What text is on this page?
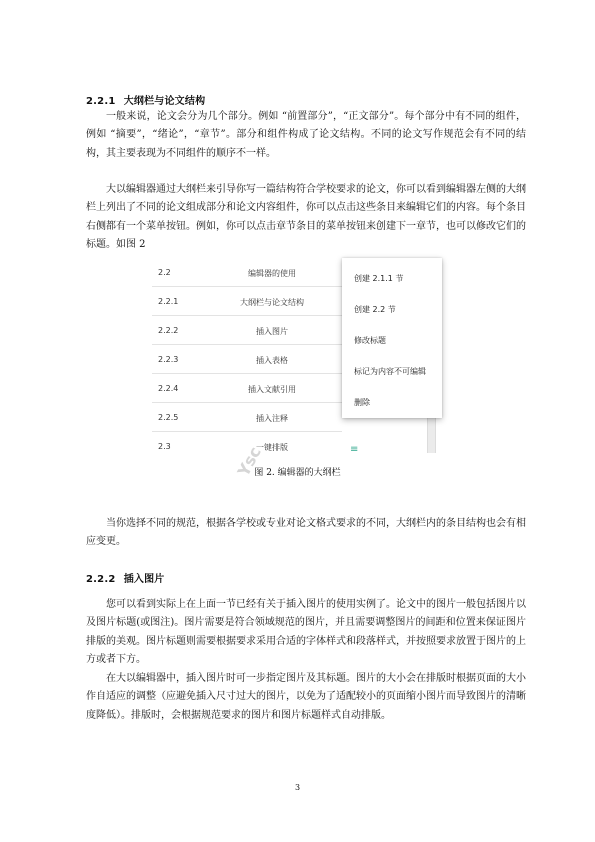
2.2.1 大纲栏与论文结构

一般来说，论文会分为几个部分。例如 “前置部分”，“正文部分”。每个部分中有不同的组件，例如 “摘要”，“绪论”，“章节”。部分和组件构成了论文结构。不同的论文写作规范会有不同的结构，其主要表现为不同组件的顺序不一样。

大以编辑器通过大纲栏来引导你写一篇结构符合学校要求的论文，你可以看到编辑器左侧的大纲栏上列出了不同的论文组成部分和论文内容组件，你可以点击这些条目来编辑它们的内容。每个条目右侧都有一个菜单按钮。例如，你可以点击章节条目的菜单按钮来创建下一章节，也可以修改它们的标题。如图 2

2.2	编辑器的使用
2.2.1	大纲栏与论文结构
2.2.2	插入图片
2.2.3	插入表格
2.2.4	插入文献引用
2.2.5	插入注释
2.3	一键排版	≡
创建 2.1.1 节
创建 2.2 节
修改标题
标记为内容不可编辑
删除
Ysc
图 2. 编辑器的大纲栏

当你选择不同的规范，根据各学校或专业对论文格式要求的不同，大纲栏内的条目结构也会有相应变更。

2.2.2 插入图片

您可以看到实际上在上面一节已经有关于插入图片的使用实例了。论文中的图片一般包括图片以及图片标题(或图注)。图片需要是符合领域规范的图片，并且需要调整图片的间距和位置来保证图片排版的美观。图片标题则需要根据要求采用合适的字体样式和段落样式，并按照要求放置于图片的上方或者下方。

在大以编辑器中，插入图片时可一步指定图片及其标题。图片的大小会在排版时根据页面的大小作自适应的调整（应避免插入尺寸过大的图片，以免为了适配较小的页面缩小图片而导致图片的清晰度降低）。排版时，会根据规范要求的图片和图片标题样式自动排版。

3
